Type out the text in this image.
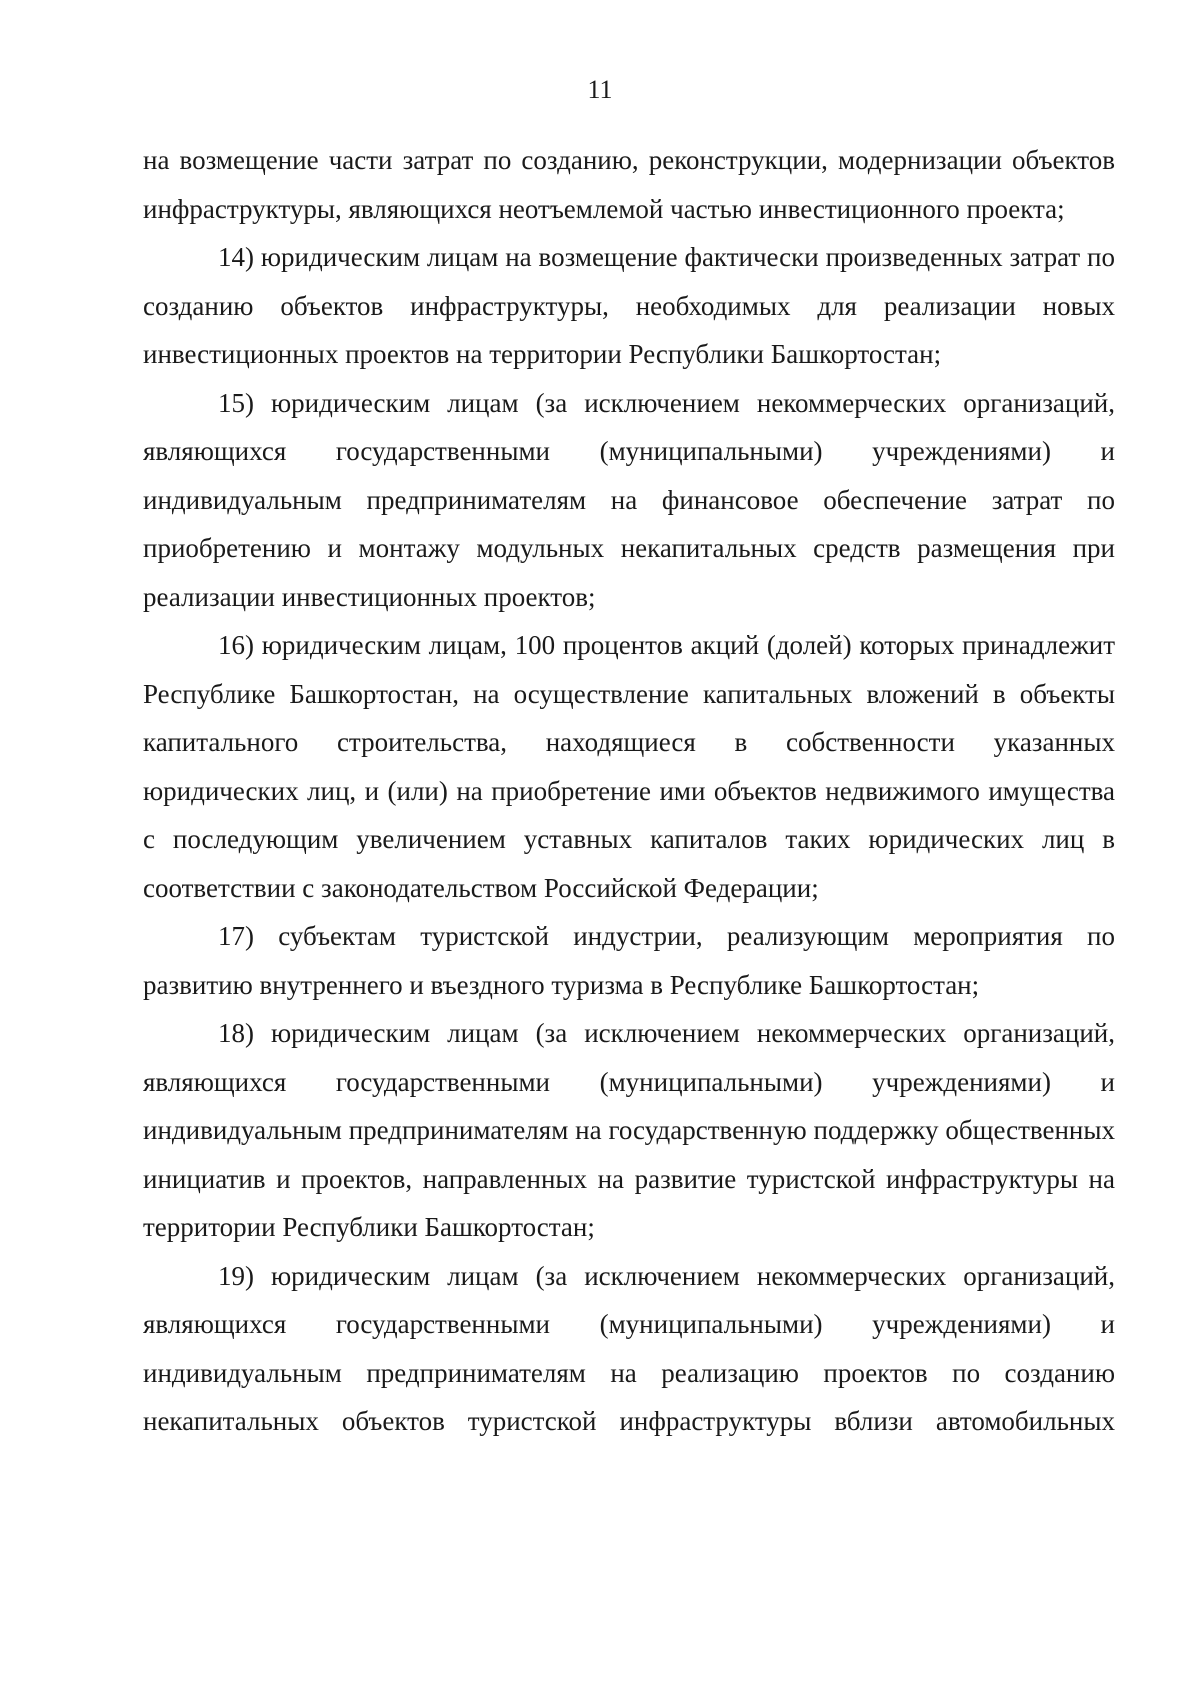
11

на возмещение части затрат по созданию, реконструкции, модернизации объектов инфраструктуры, являющихся неотъемлемой частью инвестиционного проекта;

14) юридическим лицам на возмещение фактически произведенных затрат по созданию объектов инфраструктуры, необходимых для реализации новых инвестиционных проектов на территории Республики Башкортостан;

15) юридическим лицам (за исключением некоммерческих организаций, являющихся государственными (муниципальными) учреждениями) и индивидуальным предпринимателям на финансовое обеспечение затрат по приобретению и монтажу модульных некапитальных средств размещения при реализации инвестиционных проектов;

16) юридическим лицам, 100 процентов акций (долей) которых принадлежит Республике Башкортостан, на осуществление капитальных вложений в объекты капитального строительства, находящиеся в собственности указанных юридических лиц, и (или) на приобретение ими объектов недвижимого имущества с последующим увеличением уставных капиталов таких юридических лиц в соответствии с законодательством Российской Федерации;

17) субъектам туристской индустрии, реализующим мероприятия по развитию внутреннего и въездного туризма в Республике Башкортостан;

18) юридическим лицам (за исключением некоммерческих организаций, являющихся государственными (муниципальными) учреждениями) и индивидуальным предпринимателям на государственную поддержку общественных инициатив и проектов, направленных на развитие туристской инфраструктуры на территории Республики Башкортостан;

19) юридическим лицам (за исключением некоммерческих организаций, являющихся государственными (муниципальными) учреждениями) и индивидуальным предпринимателям на реализацию проектов по созданию некапитальных объектов туристской инфраструктуры вблизи автомобильных
